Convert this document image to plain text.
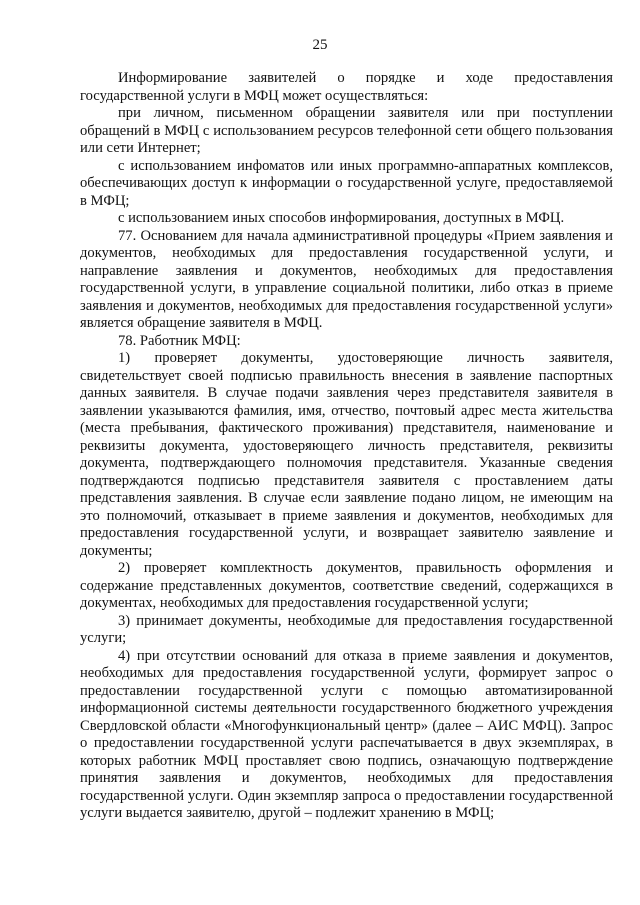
25

Информирование заявителей о порядке и ходе предоставления государственной услуги в МФЦ может осуществляться:

при личном, письменном обращении заявителя или при поступлении обращений в МФЦ с использованием ресурсов телефонной сети общего пользования или сети Интернет;

с использованием инфоматов или иных программно-аппаратных комплексов, обеспечивающих доступ к информации о государственной услуге, предоставляемой в МФЦ;

с использованием иных способов информирования, доступных в МФЦ.

77. Основанием для начала административной процедуры «Прием заявления и документов, необходимых для предоставления государственной услуги, и направление заявления и документов, необходимых для предоставления государственной услуги, в управление социальной политики, либо отказ в приеме заявления и документов, необходимых для предоставления государственной услуги» является обращение заявителя в МФЦ.

78. Работник МФЦ:

1) проверяет документы, удостоверяющие личность заявителя, свидетельствует своей подписью правильность внесения в заявление паспортных данных заявителя. В случае подачи заявления через представителя заявителя в заявлении указываются фамилия, имя, отчество, почтовый адрес места жительства (места пребывания, фактического проживания) представителя, наименование и реквизиты документа, удостоверяющего личность представителя, реквизиты документа, подтверждающего полномочия представителя. Указанные сведения подтверждаются подписью представителя заявителя с проставлением даты представления заявления. В случае если заявление подано лицом, не имеющим на это полномочий, отказывает в приеме заявления и документов, необходимых для предоставления государственной услуги, и возвращает заявителю заявление и документы;

2) проверяет комплектность документов, правильность оформления и содержание представленных документов, соответствие сведений, содержащихся в документах, необходимых для предоставления государственной услуги;

3) принимает документы, необходимые для предоставления государственной услуги;

4) при отсутствии оснований для отказа в приеме заявления и документов, необходимых для предоставления государственной услуги, формирует запрос о предоставлении государственной услуги с помощью автоматизированной информационной системы деятельности государственного бюджетного учреждения Свердловской области «Многофункциональный центр» (далее – АИС МФЦ). Запрос о предоставлении государственной услуги распечатывается в двух экземплярах, в которых работник МФЦ проставляет свою подпись, означающую подтверждение принятия заявления и документов, необходимых для предоставления государственной услуги. Один экземпляр запроса о предоставлении государственной услуги выдается заявителю, другой – подлежит хранению в МФЦ;
